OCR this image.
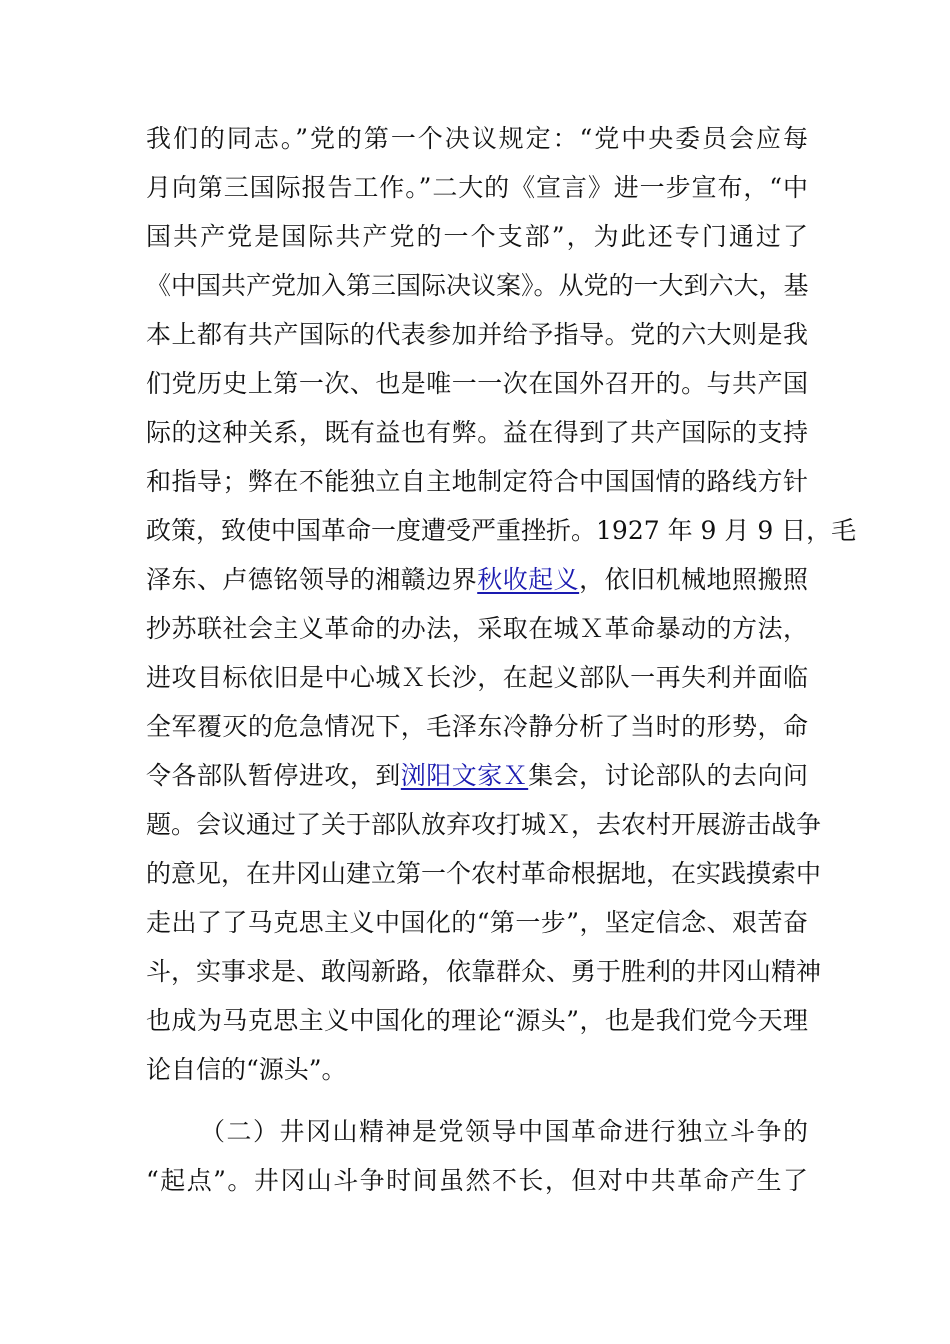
我们的同志。”党的第一个决议规定：“党中央委员会应每
月向第三国际报告工作。”二大的《宣言》进一步宣布，“中
国共产党是国际共产党的一个支部”，为此还专门通过了
《中国共产党加入第三国际决议案》。从党的一大到六大，基
本上都有共产国际的代表参加并给予指导。党的六大则是我
们党历史上第一次、也是唯一一次在国外召开的。与共产国
际的这种关系，既有益也有弊。益在得到了共产国际的支持
和指导；弊在不能独立自主地制定符合中国国情的路线方针
政策，致使中国革命一度遭受严重挫折。1927 年 9 月 9 日，毛
泽东、卢德铭领导的湘赣边界秋收起义，依旧机械地照搬照
抄苏联社会主义革命的办法，采取在城Ｘ革命暴动的方法，
进攻目标依旧是中心城Ｘ长沙，在起义部队一再失利并面临
全军覆灭的危急情况下，毛泽东冷静分析了当时的形势，命
令各部队暂停进攻，到浏阳文家Ｘ集会，讨论部队的去向问
题。会议通过了关于部队放弃攻打城Ｘ，去农村开展游击战争
的意见，在井冈山建立第一个农村革命根据地，在实践摸索中
走出了了马克思主义中国化的“第一步”，坚定信念、艰苦奋
斗，实事求是、敢闯新路，依靠群众、勇于胜利的井冈山精神
也成为马克思主义中国化的理论“源头”，也是我们党今天理
论自信的“源头”。
（二）井冈山精神是党领导中国革命进行独立斗争的
“起点”。井冈山斗争时间虽然不长，但对中共革命产生了
